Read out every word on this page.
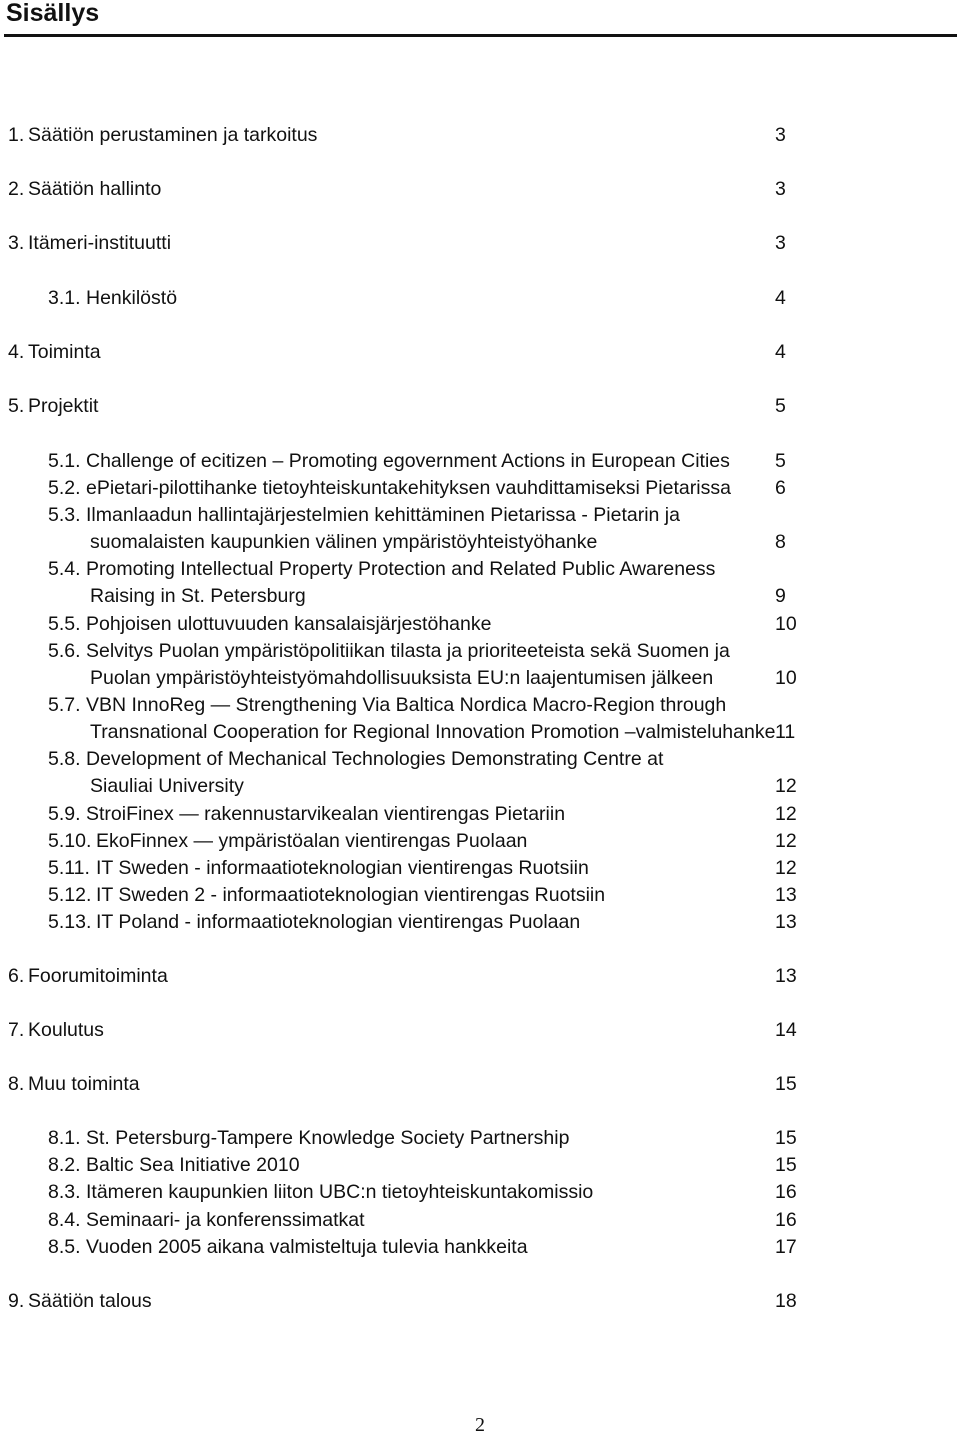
Sisällys
1. Säätiön perustaminen ja tarkoitus
2. Säätiön hallinto
3. Itämeri-instituutti
3.1. Henkilöstö
4. Toiminta
5. Projektit
5.1. Challenge of ecitizen – Promoting egovernment Actions in European Cities
5.2. ePietari-pilottihanke tietoyhteiskuntakehityksen vauhdittamiseksi Pietarissa
5.3. Ilmanlaadun hallintajärjestelmien kehittäminen Pietarissa - Pietarin ja
suomalaisten kaupunkien välinen ympäristöyhteistyöhanke
5.4. Promoting Intellectual Property Protection and Related Public Awareness
Raising in St. Petersburg
5.5. Pohjoisen ulottuvuuden kansalaisjärjestöhanke
5.6. Selvitys Puolan ympäristöpolitiikan tilasta ja prioriteeteista sekä Suomen ja
Puolan ympäristöyhteistyömahdollisuuksista EU:n laajentumisen jälkeen
5.7. VBN InnoReg — Strengthening Via Baltica Nordica Macro-Region through
Transnational Cooperation for Regional Innovation Promotion –valmisteluhanke
5.8. Development of Mechanical Technologies Demonstrating Centre at
Siauliai University
5.9. StroiFinex — rakennustarvikealan vientirengas Pietariin
5.10. EkoFinnex — ympäristöalan vientirengas Puolaan
5.11. IT Sweden - informaatioteknologian vientirengas Ruotsiin
5.12. IT Sweden 2 - informaatioteknologian vientirengas Ruotsiin
5.13. IT Poland - informaatioteknologian vientirengas Puolaan
6. Foorumitoiminta
7. Koulutus
8. Muu toiminta
8.1. St. Petersburg-Tampere Knowledge Society Partnership
8.2. Baltic Sea Initiative 2010
8.3. Itämeren kaupunkien liiton UBC:n tietoyhteiskuntakomissio
8.4. Seminaari- ja konferenssimatkat
8.5. Vuoden 2005 aikana valmisteltuja tulevia hankkeita
9. Säätiön talous
3
3
3
4
4
5
5
6
8
9
10
10
11
12
12
12
12
13
13
13
14
15
15
15
16
16
17
18
2
